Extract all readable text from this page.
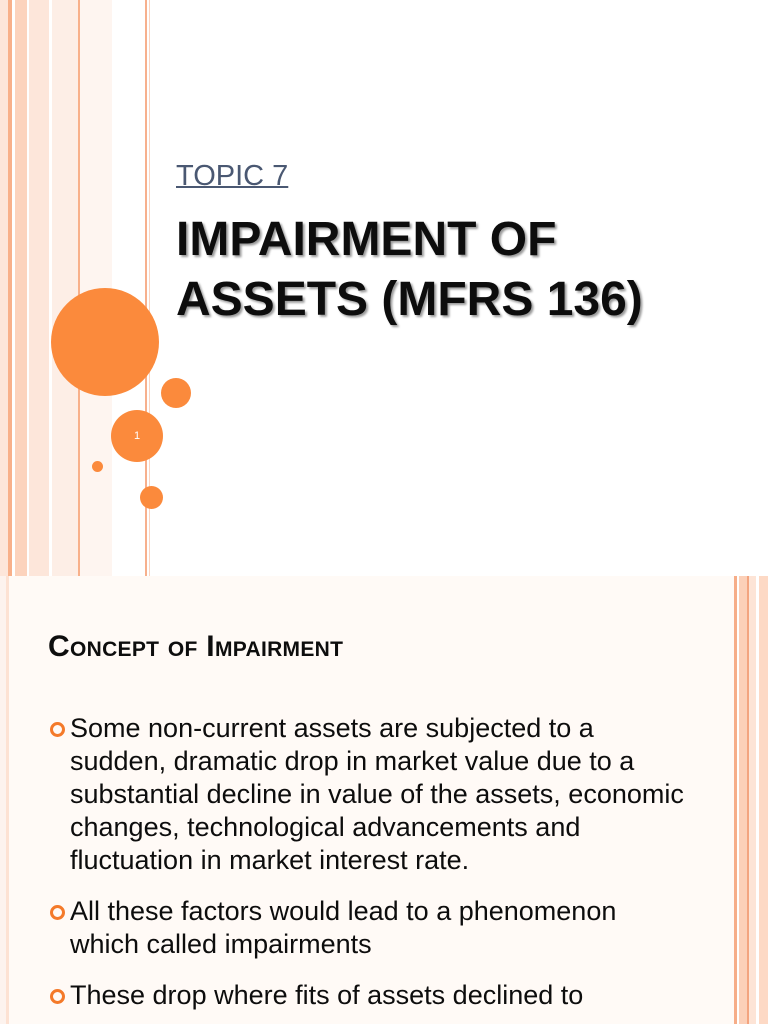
1
TOPIC 7
IMPAIRMENT OF
ASSETS (MFRS 136)
Concept of Impairment
Some non-current assets are subjected to a sudden, dramatic drop in market value due to a substantial decline in value of the assets, economic changes, technological advancements and fluctuation in market interest rate.
All these factors would lead to a phenomenon which called impairments
These drop where fits of assets declined to
